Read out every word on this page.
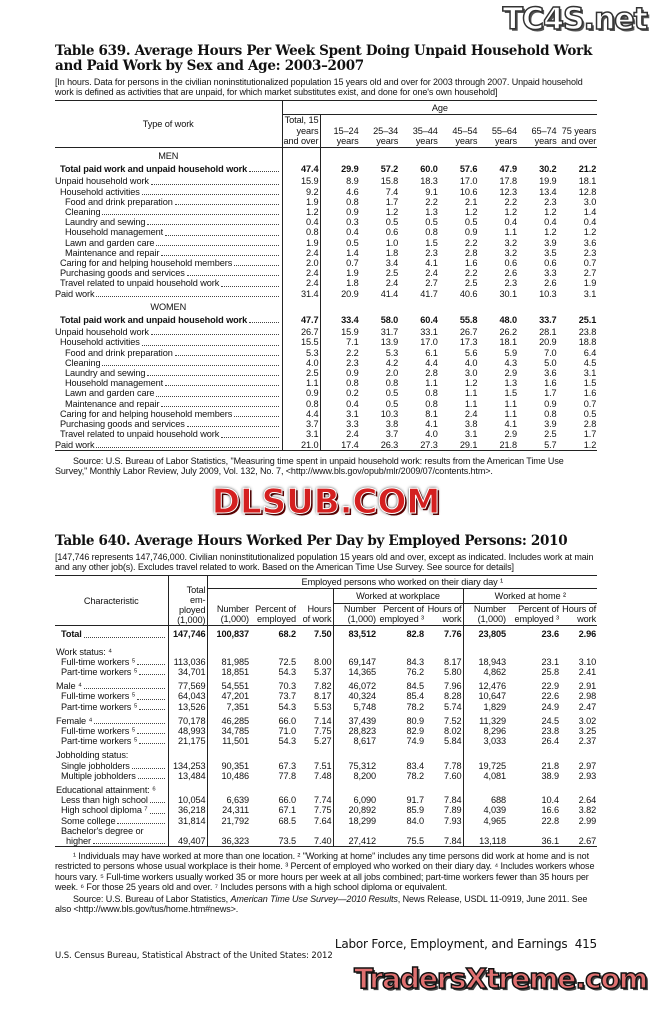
TC4S.net
Table 639. Average Hours Per Week Spent Doing Unpaid Household Work and Paid Work by Sex and Age: 2003–2007
[In hours. Data for persons in the civilian noninstitutionalized population 15 years old and over for 2003 through 2007. Unpaid household work is defined as activities that are unpaid, for which market substitutes exist, and done for one's own household]
Type of work	Age							
	Total, 15 years and over	15–24 years	25–34 years	35–44 years	45–54 years	55–64 years	65–74 years	75 years and over
MEN								

Total paid work and unpaid household work	47.4	29.9	57.2	60.0	57.6	47.9	30.2	21.2

Unpaid household work	15.9	8.9	15.8	18.3	17.0	17.8	19.9	18.1

Household activities	9.2	4.6	7.4	9.1	10.6	12.3	13.4	12.8

Food and drink preparation	1.9	0.8	1.7	2.2	2.1	2.2	2.3	3.0

Cleaning	1.2	0.9	1.2	1.3	1.2	1.2	1.2	1.4

Laundry and sewing	0.4	0.3	0.5	0.5	0.5	0.4	0.4	0.4

Household management	0.8	0.4	0.6	0.8	0.9	1.1	1.2	1.2

Lawn and garden care	1.9	0.5	1.0	1.5	2.2	3.2	3.9	3.6

Maintenance and repair	2.4	1.4	1.8	2.3	2.8	3.2	3.5	2.3

Caring for and helping household members	2.0	0.7	3.4	4.1	1.6	0.6	0.6	0.7

Purchasing goods and services	2.4	1.9	2.5	2.4	2.2	2.6	3.3	2.7

Travel related to unpaid household work	2.4	1.8	2.4	2.7	2.5	2.3	2.6	1.9

Paid work	31.4	20.9	41.4	41.7	40.6	30.1	10.3	3.1
WOMEN								

Total paid work and unpaid household work	47.7	33.4	58.0	60.4	55.8	48.0	33.7	25.1

Unpaid household work	26.7	15.9	31.7	33.1	26.7	26.2	28.1	23.8

Household activities	15.5	7.1	13.9	17.0	17.3	18.1	20.9	18.8

Food and drink preparation	5.3	2.2	5.3	6.1	5.6	5.9	7.0	6.4

Cleaning	4.0	2.3	4.2	4.4	4.0	4.3	5.0	4.5

Laundry and sewing	2.5	0.9	2.0	2.8	3.0	2.9	3.6	3.1

Household management	1.1	0.8	0.8	1.1	1.2	1.3	1.6	1.5

Lawn and garden care	0.9	0.2	0.5	0.8	1.1	1.5	1.7	1.6

Maintenance and repair	0.8	0.4	0.5	0.8	1.1	1.1	0.9	0.7

Caring for and helping household members	4.4	3.1	10.3	8.1	2.4	1.1	0.8	0.5

Purchasing goods and services	3.7	3.3	3.8	4.1	3.8	4.1	3.9	2.8

Travel related to unpaid household work	3.1	2.4	3.7	4.0	3.1	2.9	2.5	1.7

Paid work	21.0	17.4	26.3	27.3	29.1	21.8	5.7	1.2
Source: U.S. Bureau of Labor Statistics, "Measuring time spent in unpaid household work: results from the American Time Use Survey," Monthly Labor Review, July 2009, Vol. 132, No. 7, <http://www.bls.gov/opub/mlr/2009/07/contents.htm>.
DLSUB.COM
Table 640. Average Hours Worked Per Day by Employed Persons: 2010
[147,746 represents 147,746,000. Civilian noninstitutionalized population 15 years old and over, except as indicated. Includes work at main and any other job(s). Excludes travel related to work. Based on the American Time Use Survey. See source for details]
Characteristic	Total em- ployed (1,000)	Employed persons who worked on their diary day ¹								
					Worked at workplace			Worked at home ²		
		Number (1,000)	Percent of employed	Hours of work	Number (1,000)	Percent of employed ³	Hours of work	Number (1,000)	Percent of employed ³	Hours of work

Total	147,746	100,837	68.2	7.50	83,512	82.8	7.76	23,805	23.6	2.96
Work status: ⁴										

Full-time workers ⁵	113,036	81,985	72.5	8.00	69,147	84.3	8.17	18,943	23.1	3.10

Part-time workers ⁵	34,701	18,851	54.3	5.37	14,365	76.2	5.80	4,862	25.8	2.41

Male ⁴	77,569	54,551	70.3	7.82	46,072	84.5	7.96	12,476	22.9	2.91

Full-time workers ⁵	64,043	47,201	73.7	8.17	40,324	85.4	8.28	10,647	22.6	2.98

Part-time workers ⁵	13,526	7,351	54.3	5.53	5,748	78.2	5.74	1,829	24.9	2.47

Female ⁴	70,178	46,285	66.0	7.14	37,439	80.9	7.52	11,329	24.5	3.02

Full-time workers ⁵	48,993	34,785	71.0	7.75	28,823	82.9	8.02	8,296	23.8	3.25

Part-time workers ⁵	21,175	11,501	54.3	5.27	8,617	74.9	5.84	3,033	26.4	2.37
Jobholding status:										

Single jobholders	134,253	90,351	67.3	7.51	75,312	83.4	7.78	19,725	21.8	2.97

Multiple jobholders	13,484	10,486	77.8	7.48	8,200	78.2	7.60	4,081	38.9	2.93
Educational attainment: ⁶										

Less than high school	10,054	6,639	66.0	7.74	6,090	91.7	7.84	688	10.4	2.64

High school diploma ⁷	36,218	24,311	67.1	7.75	20,892	85.9	7.89	4,039	16.6	3.82

Some college	31,814	21,792	68.5	7.64	18,299	84.0	7.93	4,965	22.8	2.99

Bachelor's degree or										

higher	49,407	36,323	73.5	7.40	27,412	75.5	7.84	13,118	36.1	2.67
¹ Individuals may have worked at more than one location. ² "Working at home" includes any time persons did work at home and is not restricted to persons whose usual workplace is their home. ³ Percent of employed who worked on their diary day. ⁴ Includes workers whose hours vary. ⁵ Full-time workers usually worked 35 or more hours per week at all jobs combined; part-time workers fewer than 35 hours per week. ⁶ For those 25 years old and over. ⁷ Includes persons with a high school diploma or equivalent.
Source: U.S. Bureau of Labor Statistics, American Time Use Survey—2010 Results, News Release, USDL 11-0919, June 2011. See also <http://www.bls.gov/tus/home.htm#news>.
Labor Force, Employment, and Earnings 415
U.S. Census Bureau, Statistical Abstract of the United States: 2012
TradersXtreme.com
